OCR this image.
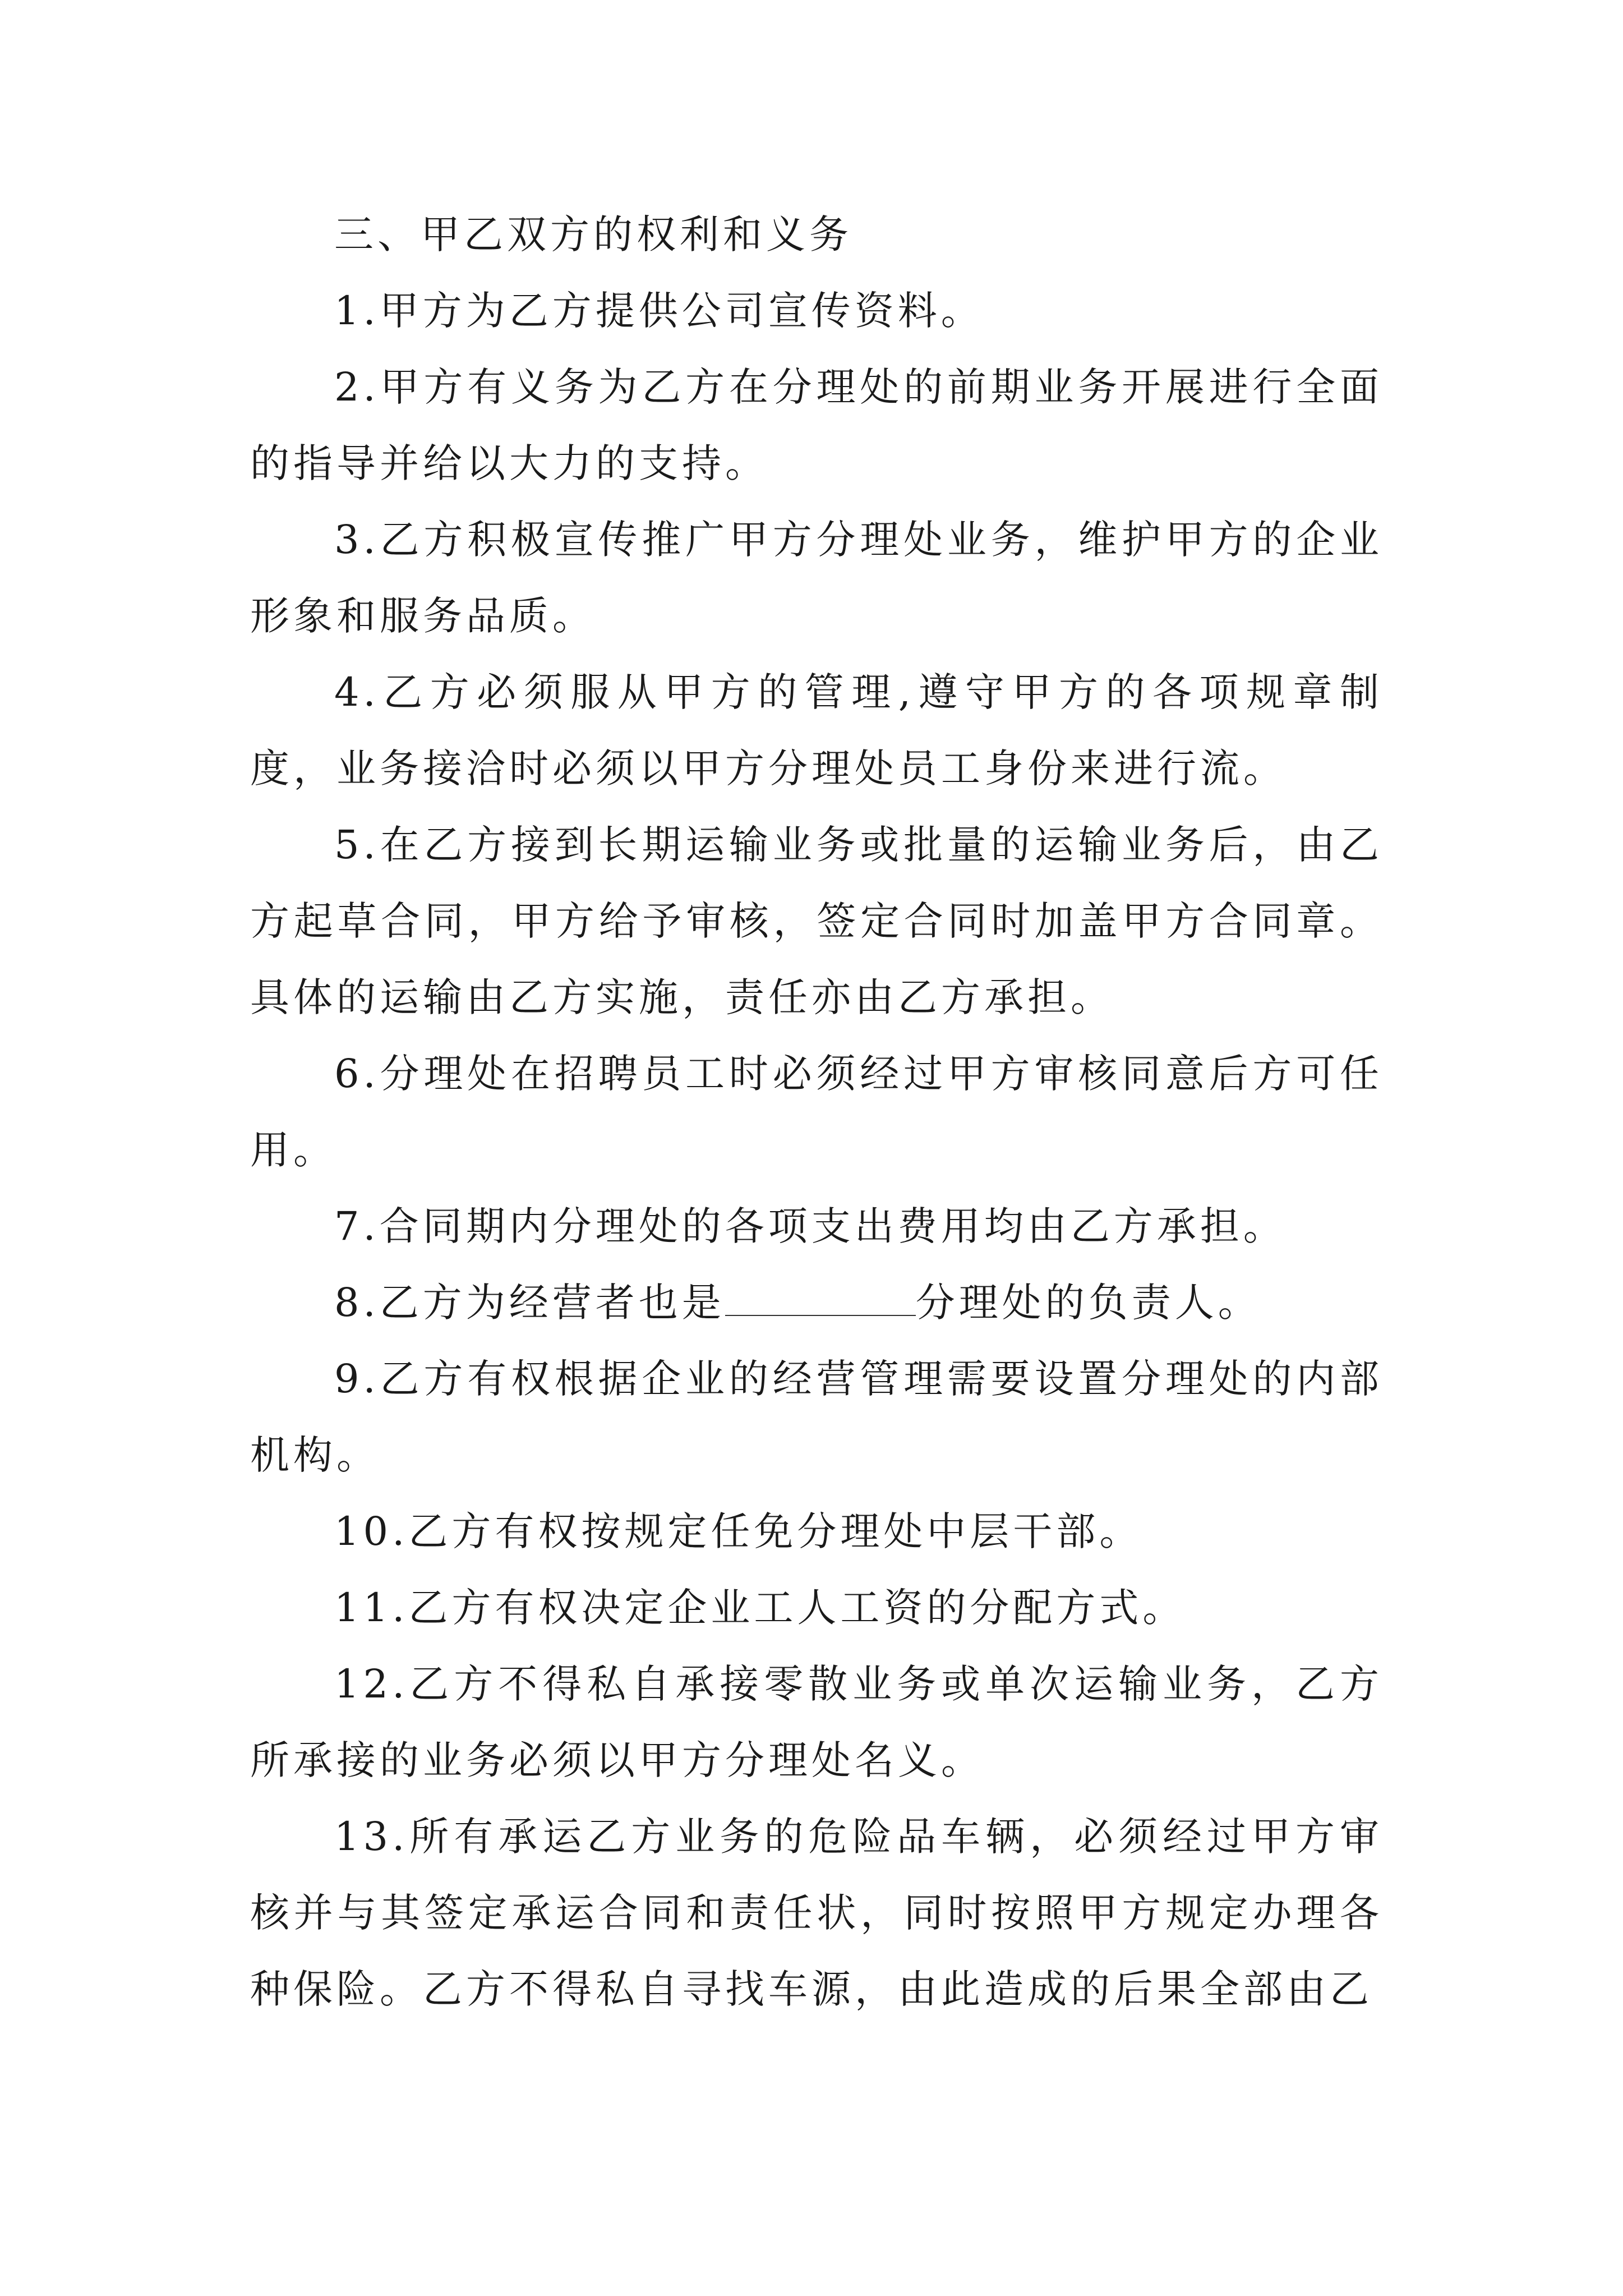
三、甲乙双方的权利和义务

1.甲方为乙方提供公司宣传资料。

2.甲方有义务为乙方在分理处的前期业务开展进行全面的指导并给以大力的支持。

3.乙方积极宣传推广甲方分理处业务，维护甲方的企业形象和服务品质。

4.乙方必须服从甲方的管理,遵守甲方的各项规章制度，业务接洽时必须以甲方分理处员工身份来进行流。

5.在乙方接到长期运输业务或批量的运输业务后，由乙方起草合同，甲方给予审核，签定合同时加盖甲方合同章。具体的运输由乙方实施，责任亦由乙方承担。

6.分理处在招聘员工时必须经过甲方审核同意后方可任用。

7.合同期内分理处的各项支出费用均由乙方承担。

8.乙方为经营者也是	分理处的负责人。

9.乙方有权根据企业的经营管理需要设置分理处的内部机构。

10.乙方有权按规定任免分理处中层干部。

11.乙方有权决定企业工人工资的分配方式。

12.乙方不得私自承接零散业务或单次运输业务，乙方所承接的业务必须以甲方分理处名义。

13.所有承运乙方业务的危险品车辆，必须经过甲方审核并与其签定承运合同和责任状，同时按照甲方规定办理各种保险。乙方不得私自寻找车源，由此造成的后果全部由乙
